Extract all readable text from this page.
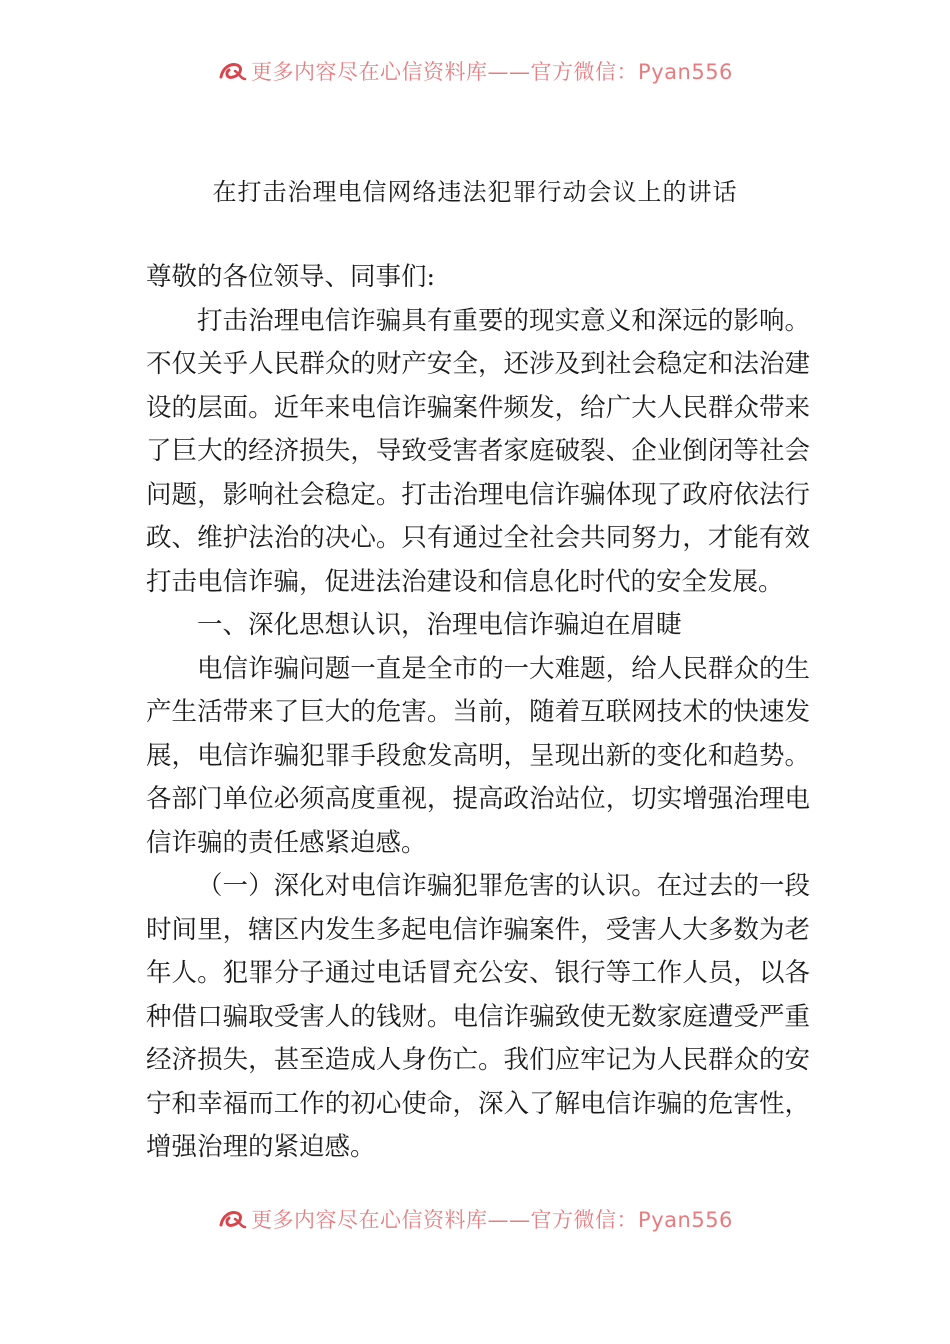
更多内容尽在心信资料库——官方微信：Pyan556
在打击治理电信网络违法犯罪行动会议上的讲话

尊敬的各位领导、同事们:

打击治理电信诈骗具有重要的现实意义和深远的影响。不仅关乎人民群众的财产安全，还涉及到社会稳定和法治建设的层面。近年来电信诈骗案件频发，给广大人民群众带来了巨大的经济损失，导致受害者家庭破裂、企业倒闭等社会问题，影响社会稳定。打击治理电信诈骗体现了政府依法行政、维护法治的决心。只有通过全社会共同努力，才能有效打击电信诈骗，促进法治建设和信息化时代的安全发展。

一、深化思想认识，治理电信诈骗迫在眉睫

电信诈骗问题一直是全市的一大难题，给人民群众的生产生活带来了巨大的危害。当前，随着互联网技术的快速发展，电信诈骗犯罪手段愈发高明，呈现出新的变化和趋势。各部门单位必须高度重视，提高政治站位，切实增强治理电信诈骗的责任感紧迫感。

（一）深化对电信诈骗犯罪危害的认识。在过去的一段时间里，辖区内发生多起电信诈骗案件，受害人大多数为老年人。犯罪分子通过电话冒充公安、银行等工作人员，以各种借口骗取受害人的钱财。电信诈骗致使无数家庭遭受严重经济损失，甚至造成人身伤亡。我们应牢记为人民群众的安宁和幸福而工作的初心使命，深入了解电信诈骗的危害性，增强治理的紧迫感。

更多内容尽在心信资料库——官方微信：Pyan556
